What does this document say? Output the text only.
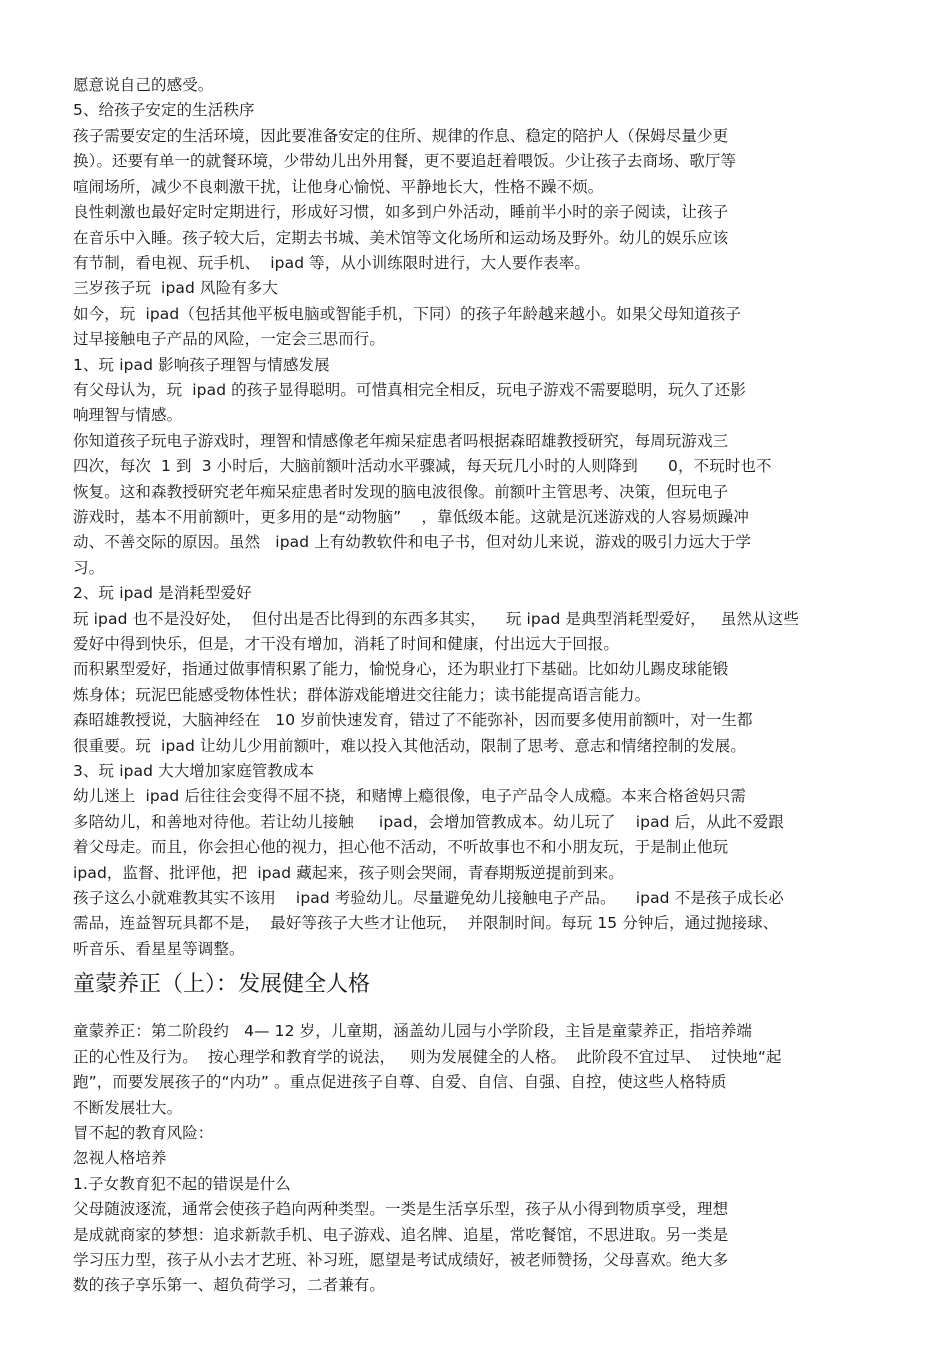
愿意说自己的感受。
5、给孩子安定的生活秩序
孩子需要安定的生活环境，因此要准备安定的住所、规律的作息、稳定的陪护人（保姆尽量少更
换）。还要有单一的就餐环境，少带幼儿出外用餐，更不要追赶着喂饭。少让孩子去商场、歌厅等
喧闹场所，减少不良刺激干扰，让他身心愉悦、平静地长大，性格不躁不烦。
良性刺激也最好定时定期进行，形成好习惯，如多到户外活动，睡前半小时的亲子阅读，让孩子
在音乐中入睡。孩子较大后，定期去书城、美术馆等文化场所和运动场及野外。幼儿的娱乐应该
有节制，看电视、玩手机、  ipad 等，从小训练限时进行，大人要作表率。
三岁孩子玩  ipad 风险有多大
如今，玩  ipad（包括其他平板电脑或智能手机，下同）的孩子年龄越来越小。如果父母知道孩子
过早接触电子产品的风险，一定会三思而行。
1、玩 ipad 影响孩子理智与情感发展
有父母认为，玩  ipad 的孩子显得聪明。可惜真相完全相反，玩电子游戏不需要聪明，玩久了还影
响理智与情感。
你知道孩子玩电子游戏时，理智和情感像老年痴呆症患者吗根据森昭雄教授研究，每周玩游戏三
四次，每次  1 到  3 小时后，大脑前额叶活动水平骤减，每天玩几小时的人则降到      0，不玩时也不
恢复。这和森教授研究老年痴呆症患者时发现的脑电波很像。前额叶主管思考、决策，但玩电子
游戏时，基本不用前额叶，更多用的是“动物脑”    ，靠低级本能。这就是沉迷游戏的人容易烦躁冲
动、不善交际的原因。虽然   ipad 上有幼教软件和电子书，但对幼儿来说，游戏的吸引力远大于学
习。
2、玩 ipad 是消耗型爱好
玩 ipad 也不是没好处，  但付出是否比得到的东西多其实，    玩 ipad 是典型消耗型爱好，   虽然从这些
爱好中得到快乐，但是，才干没有增加，消耗了时间和健康，付出远大于回报。
而积累型爱好，指通过做事情积累了能力，愉悦身心，还为职业打下基础。比如幼儿踢皮球能锻
炼身体；玩泥巴能感受物体性状；群体游戏能增进交往能力；读书能提高语言能力。
森昭雄教授说，大脑神经在   10 岁前快速发育，错过了不能弥补，因而要多使用前额叶，对一生都
很重要。玩  ipad 让幼儿少用前额叶，难以投入其他活动，限制了思考、意志和情绪控制的发展。
3、玩 ipad 大大增加家庭管教成本
幼儿迷上  ipad 后往往会变得不屈不挠，和赌博上瘾很像，电子产品令人成瘾。本来合格爸妈只需
多陪幼儿，和善地对待他。若让幼儿接触     ipad，会增加管教成本。幼儿玩了    ipad 后，从此不爱跟
着父母走。而且，你会担心他的视力，担心他不活动，不听故事也不和小朋友玩，于是制止他玩
ipad，监督、批评他，把  ipad 藏起来，孩子则会哭闹，青春期叛逆提前到来。
孩子这么小就难教其实不该用    ipad 考验幼儿。尽量避免幼儿接触电子产品。    ipad 不是孩子成长必
需品，连益智玩具都不是，  最好等孩子大些才让他玩，  并限制时间。每玩 15 分钟后，通过抛接球、
听音乐、看星星等调整。
童蒙养正（上）：发展健全人格
童蒙养正：第二阶段约   4— 12 岁，儿童期，涵盖幼儿园与小学阶段，主旨是童蒙养正，指培养端
正的心性及行为。  按心理学和教育学的说法，   则为发展健全的人格。  此阶段不宜过早、  过快地“起
跑”，而要发展孩子的“内功” 。重点促进孩子自尊、自爱、自信、自强、自控，使这些人格特质
不断发展壮大。
冒不起的教育风险：
忽视人格培养
1.子女教育犯不起的错误是什么
父母随波逐流，通常会使孩子趋向两种类型。一类是生活享乐型，孩子从小得到物质享受，理想
是成就商家的梦想：追求新款手机、电子游戏、追名牌、追星，常吃餐馆，不思进取。另一类是
学习压力型，孩子从小去才艺班、补习班，愿望是考试成绩好，被老师赞扬，父母喜欢。绝大多
数的孩子享乐第一、超负荷学习，二者兼有。
